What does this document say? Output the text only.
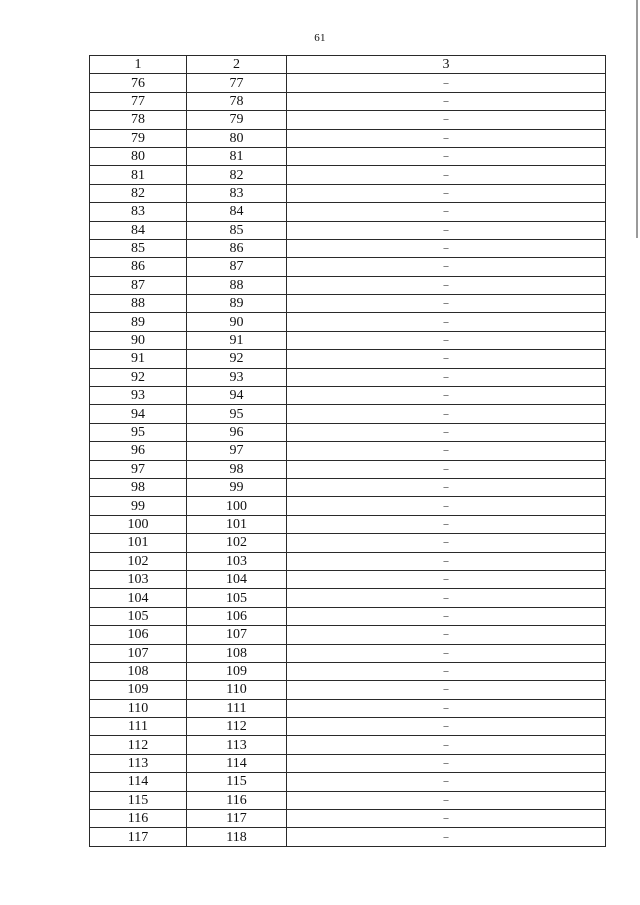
61
1	2	3
76	77	–
77	78	–
78	79	–
79	80	–
80	81	–
81	82	–
82	83	–
83	84	–
84	85	–
85	86	–
86	87	–
87	88	–
88	89	–
89	90	–
90	91	–
91	92	–
92	93	–
93	94	–
94	95	–
95	96	–
96	97	–
97	98	–
98	99	–
99	100	–
100	101	–
101	102	–
102	103	–
103	104	–
104	105	–
105	106	–
106	107	–
107	108	–
108	109	–
109	110	–
110	111	–
111	112	–
112	113	–
113	114	–
114	115	–
115	116	–
116	117	–
117	118	–
